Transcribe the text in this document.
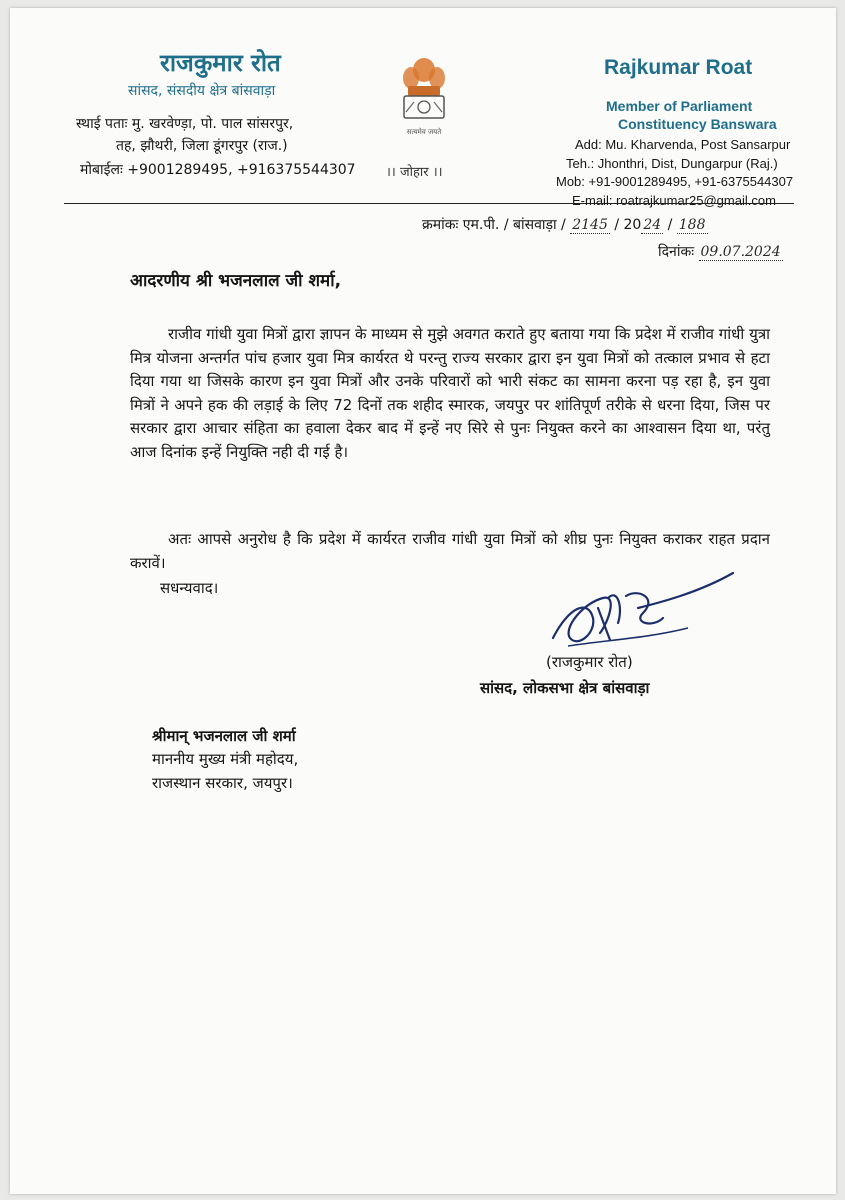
राजकुमार रोत
सांसद, संसदीय क्षेत्र बांसवाड़ा
स्थाई पताः मु. खरवेण्ड़ा, पो. पाल सांसरपुर,
तह, झौथरी, जिला डूंगरपुर (राज.)
मोबाईलः +9001289495, +916375544307
सत्यमेव जयते
।। जोहार ।।
Rajkumar Roat
Member of Parliament
Constituency Banswara
Add: Mu. Kharvenda, Post Sansarpur
Teh.: Jhonthri, Dist, Dungarpur (Raj.)
Mob: +91-9001289495, +91-6375544307
E-mail: roatrajkumar25@gmail.com
क्रमांकः एम.पी. / बांसवाड़ा / 2145 / 20 24 / 188
दिनांकः 09.07.2024
आदरणीय श्री भजनलाल जी शर्मा,
राजीव गांधी युवा मित्रों द्वारा ज्ञापन के माध्यम से मुझे अवगत कराते हुए बताया गया कि प्रदेश में राजीव गांधी युत्रा मित्र योजना अन्तर्गत पांच हजार युवा मित्र कार्यरत थे परन्तु राज्य सरकार द्वारा इन युवा मित्रों को तत्काल प्रभाव से हटा दिया गया था जिसके कारण इन युवा मित्रों और उनके परिवारों को भारी संकट का सामना करना पड़ रहा है, इन युवा मित्रों ने अपने हक की लड़ाई के लिए 72 दिनों तक शहीद स्मारक, जयपुर पर शांतिपूर्ण तरीके से धरना दिया, जिस पर सरकार द्वारा आचार संहिता का हवाला देकर बाद में इन्हें नए सिरे से पुनः नियुक्त करने का आश्वासन दिया था, परंतु आज दिनांक इन्हें नियुक्ति नही दी गई है।
अतः आपसे अनुरोध है कि प्रदेश में कार्यरत राजीव गांधी युवा मित्रों को शीघ्र पुनः नियुक्त कराकर राहत प्रदान करावें।
सधन्यवाद।
(राजकुमार रोत)
सांसद, लोकसभा क्षेत्र बांसवाड़ा
श्रीमान् भजनलाल जी शर्मा
माननीय मुख्य मंत्री महोदय,
राजस्थान सरकार, जयपुर।
